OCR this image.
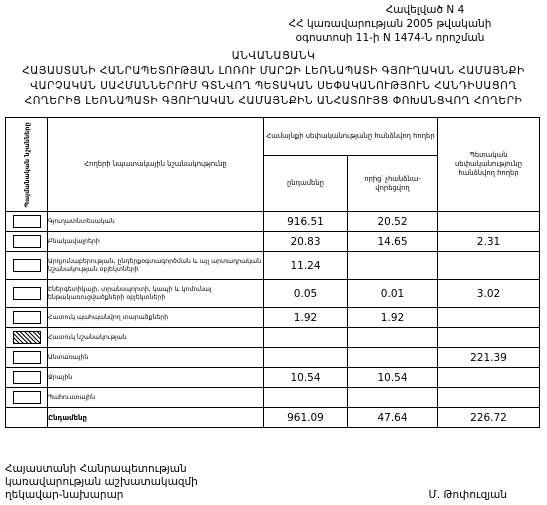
Հավելված N 4
ՀՀ կառավարության 2005 թվականի
օգոստոսի 11-ի N 1474-Ն որոշման
ԱՆՎԱՆԱՑԱՆԿ
ՀԱՅԱՍՏԱՆԻ ՀԱՆՐԱՊԵՏՈՒԹՅԱՆ ԼՈՌՈՒ ՄԱՐԶԻ ԼԵՌՆԱՊԱՏԻ ԳՅՈՒՂԱԿԱՆ ՀԱՄԱՅՆՔԻ
ՎԱՐՉԱԿԱՆ ՍԱՀՄԱՆՆԵՐՈՒՄ ԳՏՆՎՈՂ ՊԵՏԱԿԱՆ ՍԵՓԱԿԱՆՈՒԹՅՈՒՆ ՀԱՆԴԻՍԱՑՈՂ
ՀՈՂԵՐԻՑ ԼԵՌՆԱՊԱՏԻ ԳՅՈՒՂԱԿԱՆ ՀԱՄԱՅՆՔԻՆ ԱՆՀԱՏՈՒՅՑ ՓՈԽԱՆՑՎՈՂ ՀՈՂԵՐԻ
Պայմանական նշանները	Հողերի նպատակային նշանակությունը	Համայնքի սեփականությանը հանձնվող հողեր		Պետական սեփականությունը հանձնվող հողեր
		ընդամենը	որից՝ չհանձնա-վորեցվող	
	Գյուղատնտեսական	916.51	20.52	
	Բնակավայրերի	20.83	14.65	2.31
	Արդյունաբերության, ընդերքօգտագործման և այլ արտադրական նշանակության օբյեկտների	11.24		
	Էներգետիկայի, տրանսպորտի, կապի և կոմունալ ենթակառուցվածքների օբյեկտների	0.05	0.01	3.02
	Հատուկ պահպանվող տարածքների	1.92	1.92	
	Հատուկ նշանակության			
	Անտառային			221.39
	Ջրային	10.54	10.54	
	Պահուստային			
	Ընդամենը	961.09	47.64	226.72
Հայաստանի Հանրապետության
կառավարության աշխատակազմի
ղեկավար-նախարար	Մ. Թոփուզյան
